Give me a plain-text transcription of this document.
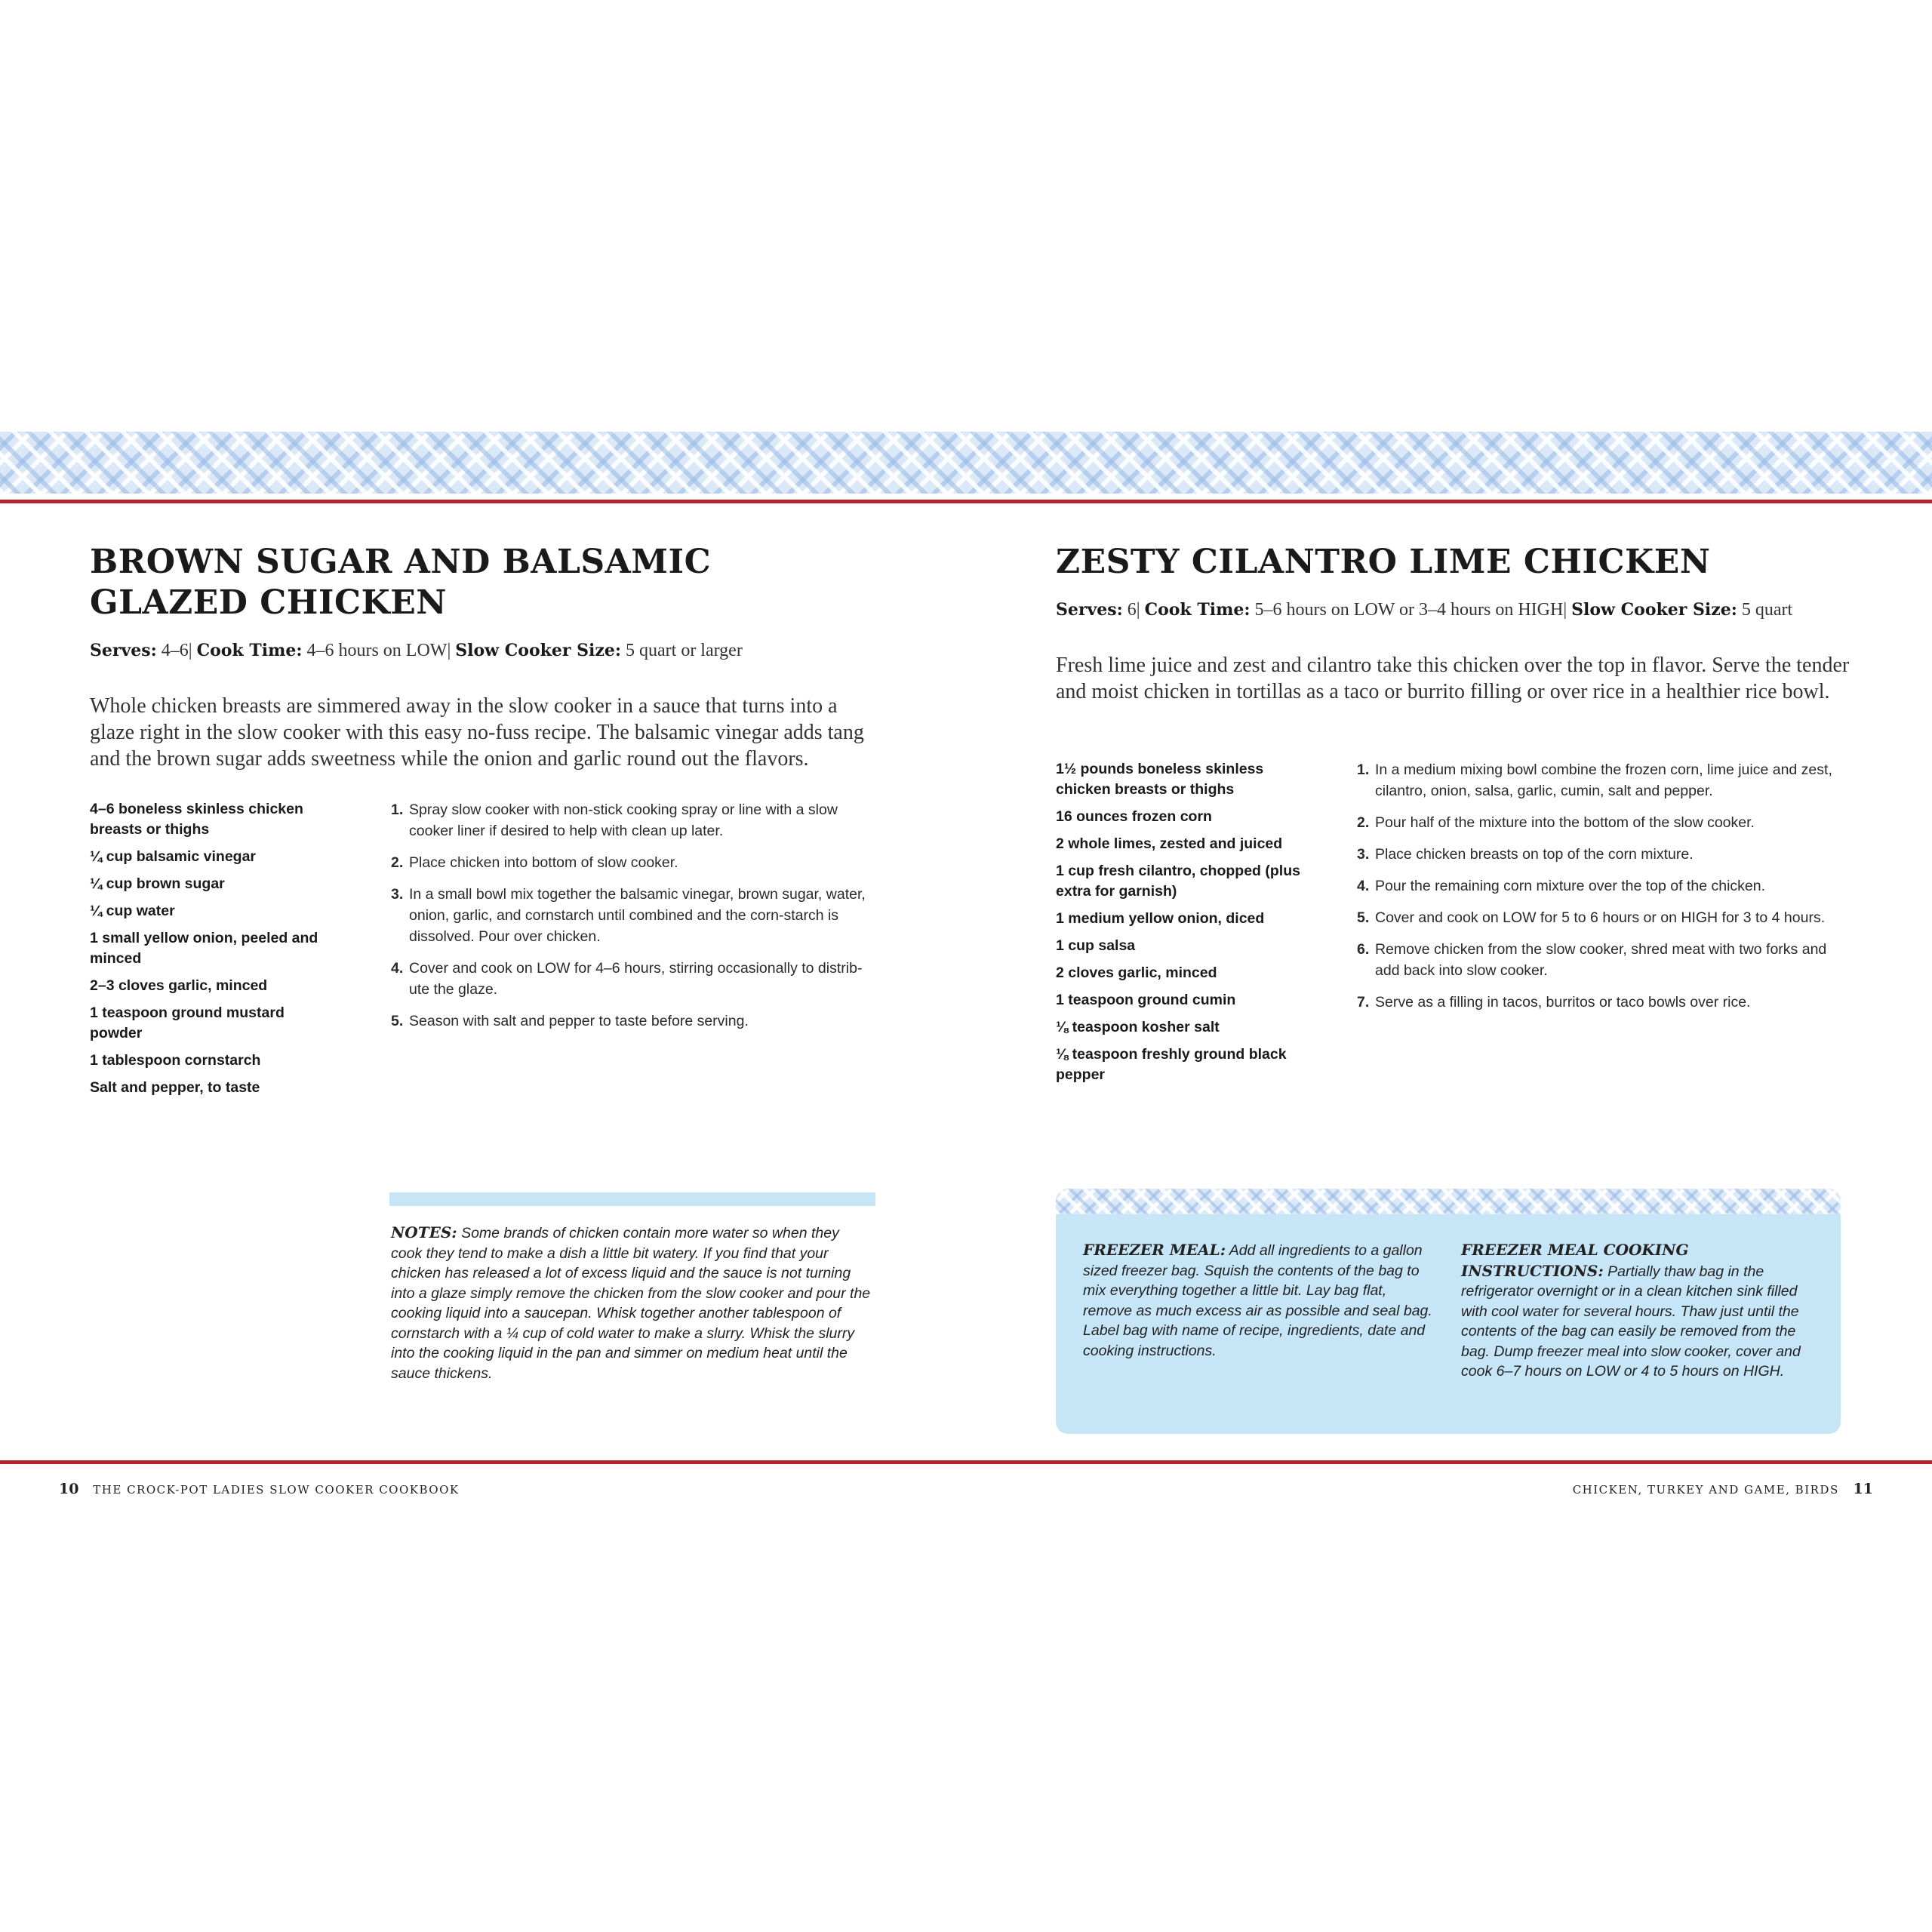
BROWN SUGAR AND BALSAMIC
GLAZED CHICKEN
Serves: 4–6| Cook Time: 4–6 hours on LOW| Slow Cooker Size: 5 quart or larger

Whole chicken breasts are simmered away in the slow cooker in a sauce that turns into a glaze right in the slow cooker with this easy no-fuss recipe. The balsamic vinegar adds tang and the brown sugar adds sweetness while the onion and garlic round out the flavors.

4–6 boneless skinless chicken breasts or thighs
¼ cup balsamic vinegar
¼ cup brown sugar
¼ cup water
1 small yellow onion, peeled and minced
2–3 cloves garlic, minced
1 teaspoon ground mustard powder
1 tablespoon cornstarch
Salt and pepper, to taste
1. Spray slow cooker with non-stick cooking spray or line with a slow cooker liner if desired to help with clean up later.
2. Place chicken into bottom of slow cooker.
3. In a small bowl mix together the balsamic vinegar, brown sugar, water, onion, garlic, and cornstarch until combined and the corn-starch is dissolved. Pour over chicken.
4. Cover and cook on LOW for 4–6 hours, stirring occasionally to distrib-ute the glaze.
5. Season with salt and pepper to taste before serving.

NOTES: Some brands of chicken contain more water so when they cook they tend to make a dish a little bit watery. If you find that your chicken has released a lot of excess liquid and the sauce is not turning into a glaze simply remove the chicken from the slow cooker and pour the cooking liquid into a saucepan. Whisk together another tablespoon of cornstarch with a ¼ cup of cold water to make a slurry. Whisk the slurry into the cooking liquid in the pan and simmer on medium heat until the sauce thickens.

ZESTY CILANTRO LIME CHICKEN
Serves: 6| Cook Time: 5–6 hours on LOW or 3–4 hours on HIGH| Slow Cooker Size: 5 quart

Fresh lime juice and zest and cilantro take this chicken over the top in flavor. Serve the tender and moist chicken in tortillas as a taco or burrito filling or over rice in a healthier rice bowl.

1½ pounds boneless skinless chicken breasts or thighs
16 ounces frozen corn
2 whole limes, zested and juiced
1 cup fresh cilantro, chopped (plus extra for garnish)
1 medium yellow onion, diced
1 cup salsa
2 cloves garlic, minced
1 teaspoon ground cumin
⅛ teaspoon kosher salt
⅛ teaspoon freshly ground black pepper
1. In a medium mixing bowl combine the frozen corn, lime juice and zest, cilantro, onion, salsa, garlic, cumin, salt and pepper.
2. Pour half of the mixture into the bottom of the slow cooker.
3. Place chicken breasts on top of the corn mixture.
4. Pour the remaining corn mixture over the top of the chicken.
5. Cover and cook on LOW for 5 to 6 hours or on HIGH for 3 to 4 hours.
6. Remove chicken from the slow cooker, shred meat with two forks and add back into slow cooker.
7. Serve as a filling in tacos, burritos or taco bowls over rice.

FREEZER MEAL: Add all ingredients to a gallon sized freezer bag. Squish the contents of the bag to mix everything together a little bit. Lay bag flat, remove as much excess air as possible and seal bag. Label bag with name of recipe, ingredients, date and cooking instructions.

FREEZER MEAL COOKING INSTRUCTIONS: Partially thaw bag in the refrigerator overnight or in a clean kitchen sink filled with cool water for several hours. Thaw just until the contents of the bag can easily be removed from the bag. Dump freezer meal into slow cooker, cover and cook 6–7 hours on LOW or 4 to 5 hours on HIGH.

10 THE CROCK-POT LADIES SLOW COOKER COOKBOOK	CHICKEN, TURKEY AND GAME, BIRDS 11
